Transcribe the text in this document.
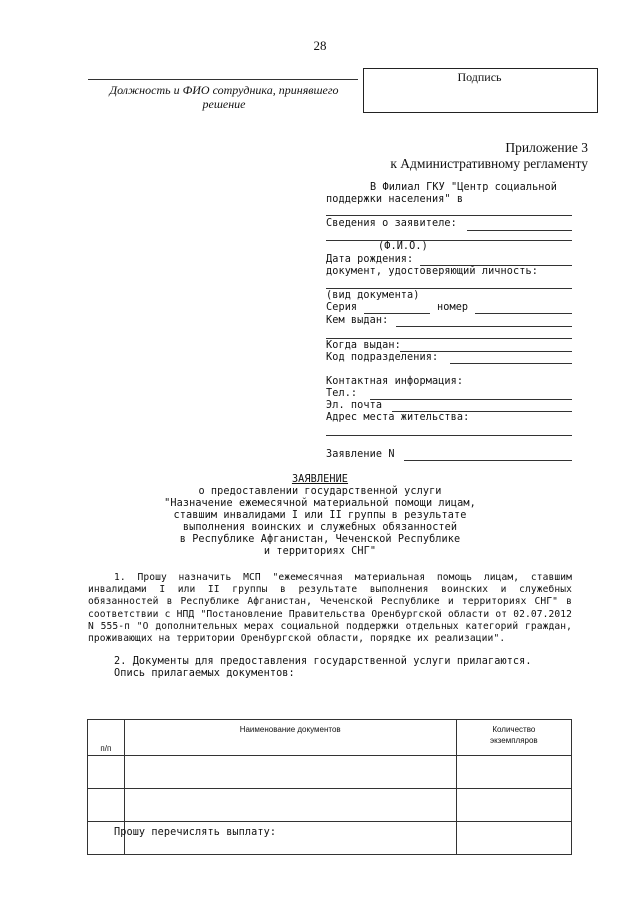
28
Должность и ФИО сотрудника, принявшего решение
Подпись
Приложение 3
к Административному регламенту
В Филиал ГКУ "Центр социальной
поддержки населения" в
Сведения о заявителе:
(Ф.И.О.)
Дата рождения:
документ, удостоверяющий личность:
(вид документа)
Серия	номер
Кем выдан:
Когда выдан:
Код подразделения:
Контактная информация:
Тел.:
Эл. почта
Адрес места жительства:
Заявление N
ЗАЯВЛЕНИЕ
о предоставлении государственной услуги
"Назначение ежемесячной материальной помощи лицам,
ставшим инвалидами I или II группы в результате
выполнения воинских и служебных обязанностей
в Республике Афганистан, Чеченской Республике
и территориях СНГ"
1. Прошу назначить МСП "ежемесячная материальная помощь лицам, ставшим инвалидами I или II группы в результате выполнения воинских и служебных обязанностей в Республике Афганистан, Чеченской Республике и территориях СНГ" в соответствии с НПД "Постановление Правительства Оренбургской области от 02.07.2012 N 555-п "О дополнительных мерах социальной поддержки отдельных категорий граждан, проживающих на территории Оренбургской области, порядке их реализации".
2. Документы для предоставления государственной услуги прилагаются.
Опись прилагаемых документов:
п/п	Наименование документов	Количество
экземпляров

Прошу перечислять выплату:
